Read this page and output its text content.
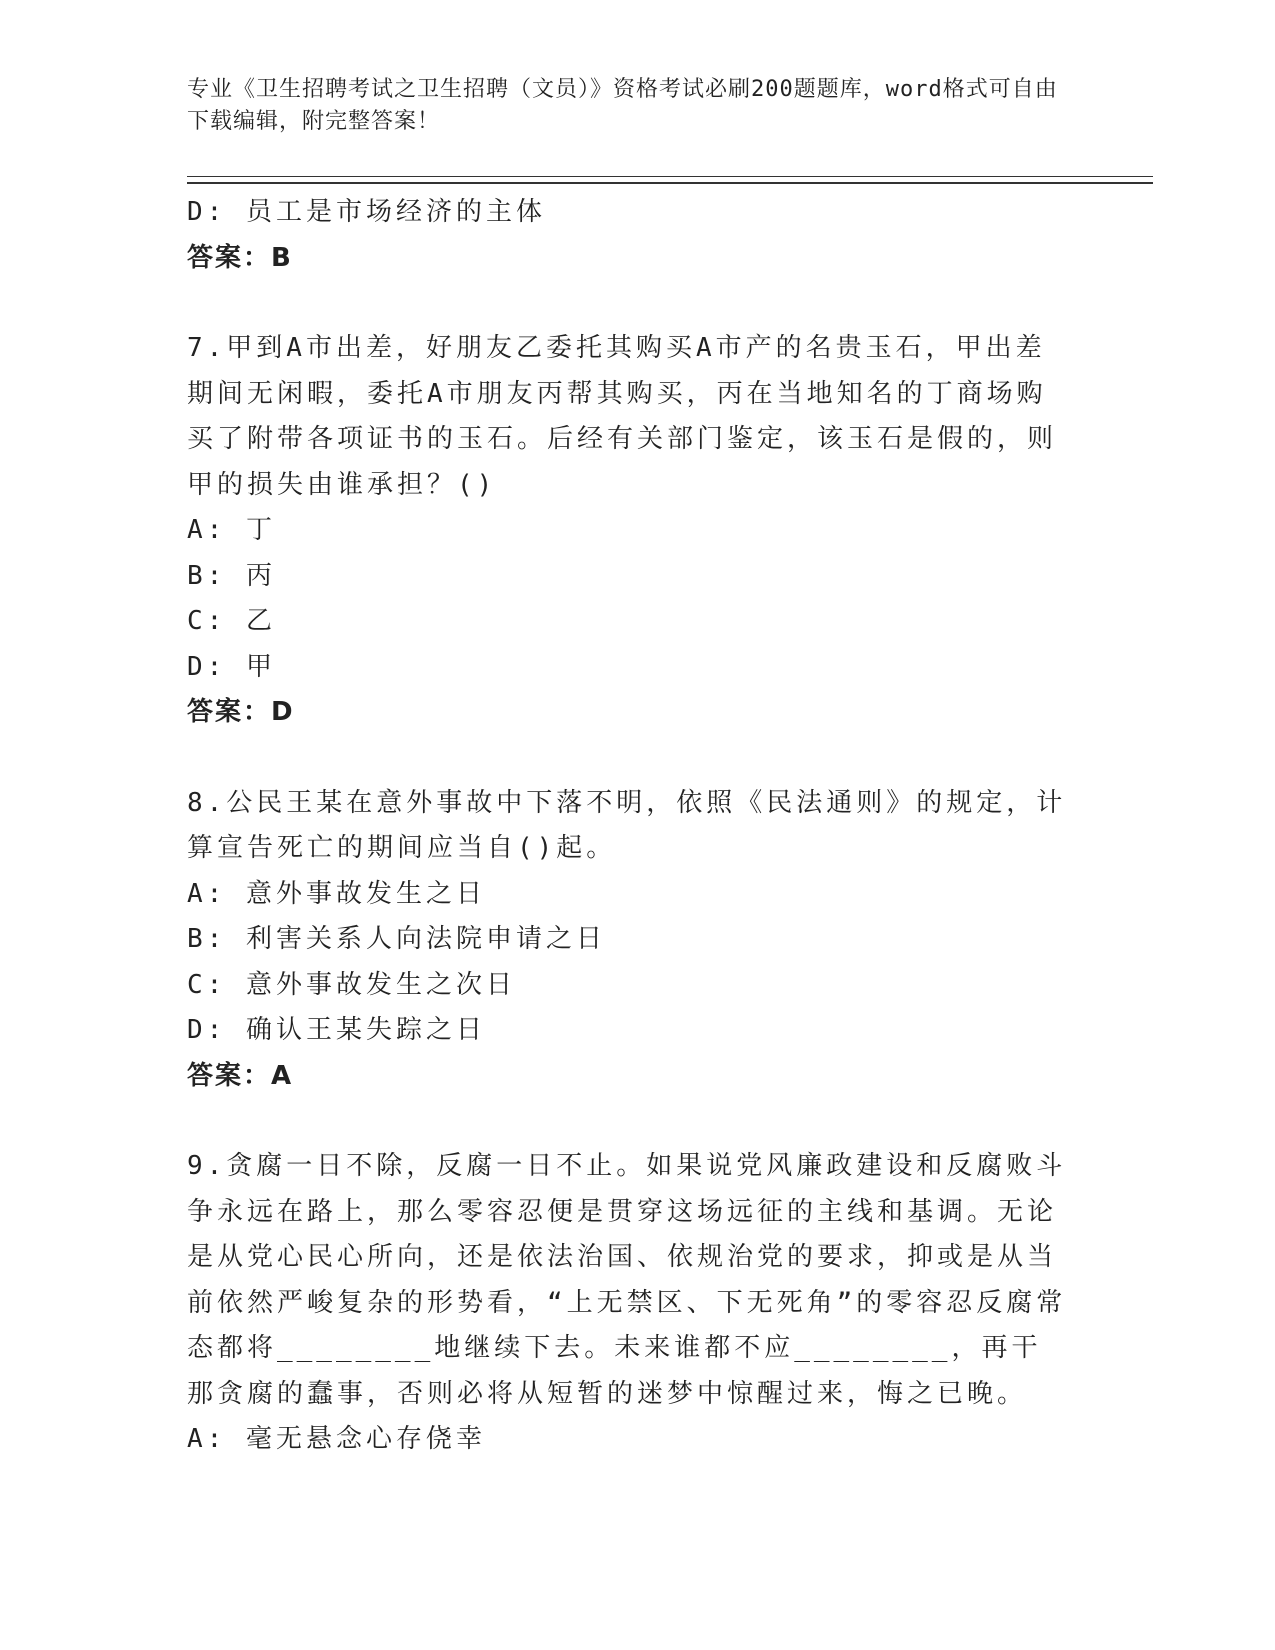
专业《卫生招聘考试之卫生招聘（文员）》资格考试必刷200题题库，word格式可自由下载编辑，附完整答案！
D: 员工是市场经济的主体
答案：B
7.甲到A市出差，好朋友乙委托其购买A市产的名贵玉石，甲出差期间无闲暇，委托A市朋友丙帮其购买，丙在当地知名的丁商场购买了附带各项证书的玉石。后经有关部门鉴定，该玉石是假的，则甲的损失由谁承担？()
A: 丁
B: 丙
C: 乙
D: 甲
答案：D
8.公民王某在意外事故中下落不明，依照《民法通则》的规定，计算宣告死亡的期间应当自()起。
A: 意外事故发生之日
B: 利害关系人向法院申请之日
C: 意外事故发生之次日
D: 确认王某失踪之日
答案：A
9.贪腐一日不除，反腐一日不止。如果说党风廉政建设和反腐败斗争永远在路上，那么零容忍便是贯穿这场远征的主线和基调。无论是从党心民心所向，还是依法治国、依规治党的要求，抑或是从当前依然严峻复杂的形势看，“上无禁区、下无死角”的零容忍反腐常态都将________地继续下去。未来谁都不应________，再干那贪腐的蠢事，否则必将从短暂的迷梦中惊醒过来，悔之已晚。
A: 毫无悬念心存侥幸
